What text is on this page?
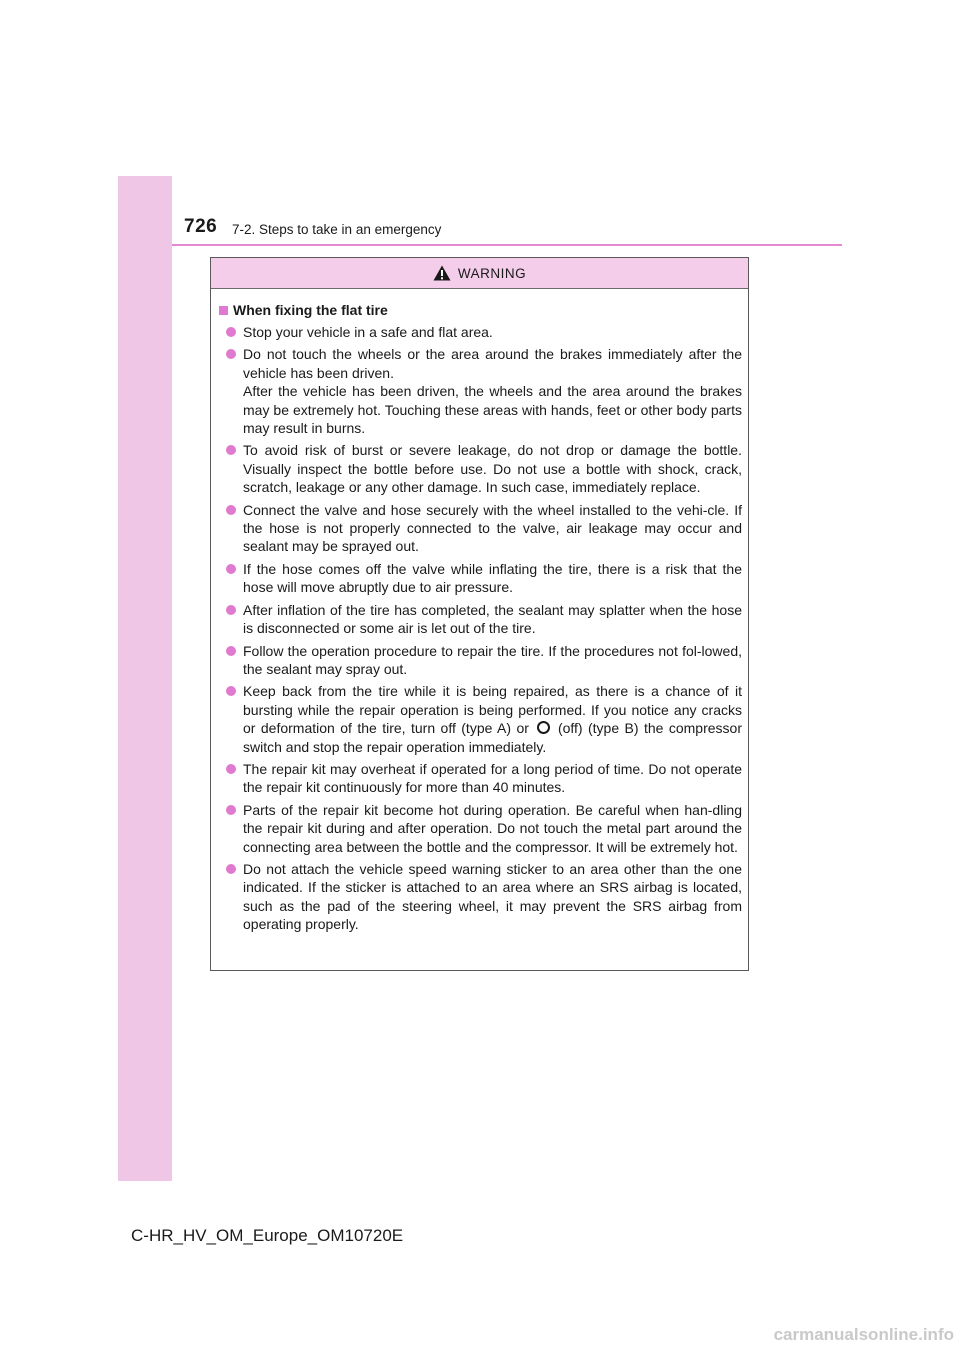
726 7-2. Steps to take in an emergency
WARNING
When fixing the flat tire
Stop your vehicle in a safe and flat area.
Do not touch the wheels or the area around the brakes immediately after the vehicle has been driven.
After the vehicle has been driven, the wheels and the area around the brakes may be extremely hot. Touching these areas with hands, feet or other body parts may result in burns.
To avoid risk of burst or severe leakage, do not drop or damage the bottle. Visually inspect the bottle before use. Do not use a bottle with shock, crack, scratch, leakage or any other damage. In such case, immediately replace.
Connect the valve and hose securely with the wheel installed to the vehi-cle. If the hose is not properly connected to the valve, air leakage may occur and sealant may be sprayed out.
If the hose comes off the valve while inflating the tire, there is a risk that the hose will move abruptly due to air pressure.
After inflation of the tire has completed, the sealant may splatter when the hose is disconnected or some air is let out of the tire.
Follow the operation procedure to repair the tire. If the procedures not fol-lowed, the sealant may spray out.
Keep back from the tire while it is being repaired, as there is a chance of it bursting while the repair operation is being performed. If you notice any cracks or deformation of the tire, turn off (type A) or (off) (type B) the compressor switch and stop the repair operation immediately.
The repair kit may overheat if operated for a long period of time. Do not operate the repair kit continuously for more than 40 minutes.
Parts of the repair kit become hot during operation. Be careful when han-dling the repair kit during and after operation. Do not touch the metal part around the connecting area between the bottle and the compressor. It will be extremely hot.
Do not attach the vehicle speed warning sticker to an area other than the one indicated. If the sticker is attached to an area where an SRS airbag is located, such as the pad of the steering wheel, it may prevent the SRS airbag from operating properly.
C-HR_HV_OM_Europe_OM10720E
carmanualsonline.info
